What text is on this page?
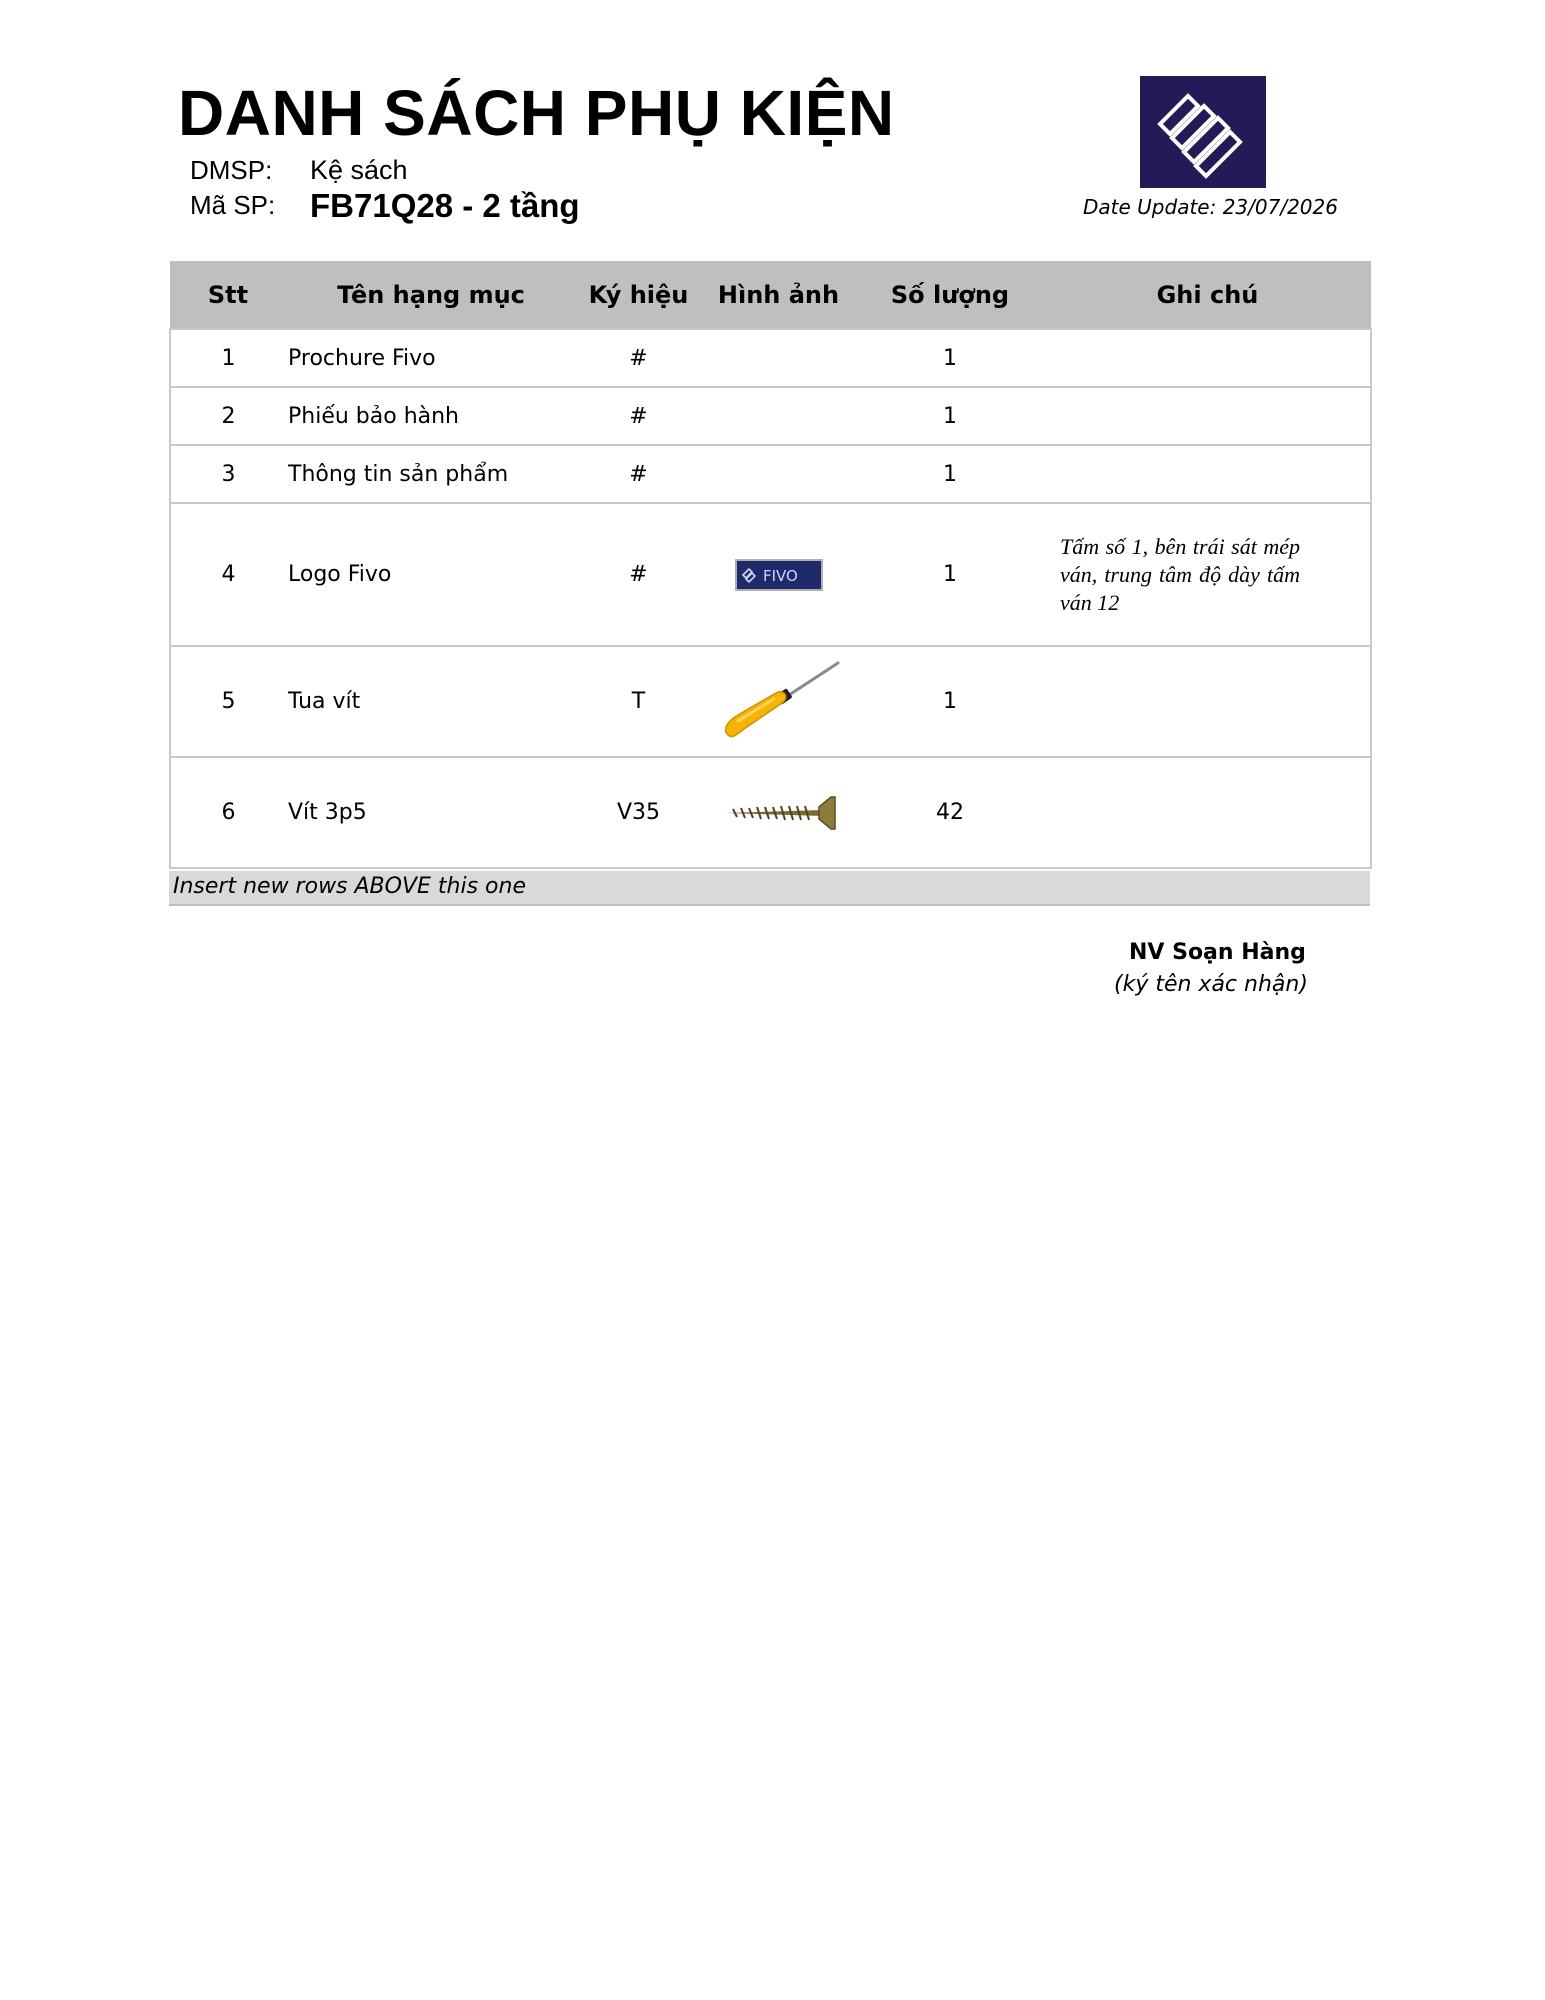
DANH SÁCH PHỤ KIỆN
DMSP: Kệ sách
Mã SP: FB71Q28 - 2 tầng	Date Update: 23/07/2026
Stt	Tên hạng mục	Ký hiệu	Hình ảnh	Số lượng	Ghi chú
1	Prochure Fivo	#		1	
2	Phiếu bảo hành	#		1	
3	Thông tin sản phẩm	#		1	
4	Logo Fivo	#	FIVO	1	Tấm số 1, bên trái sát mép ván, trung tâm độ dày tấm ván 12
5	Tua vít	T		1	
6	Vít 3p5	V35		42	
Insert new rows ABOVE this one
NV Soạn Hàng
(ký tên xác nhận)
